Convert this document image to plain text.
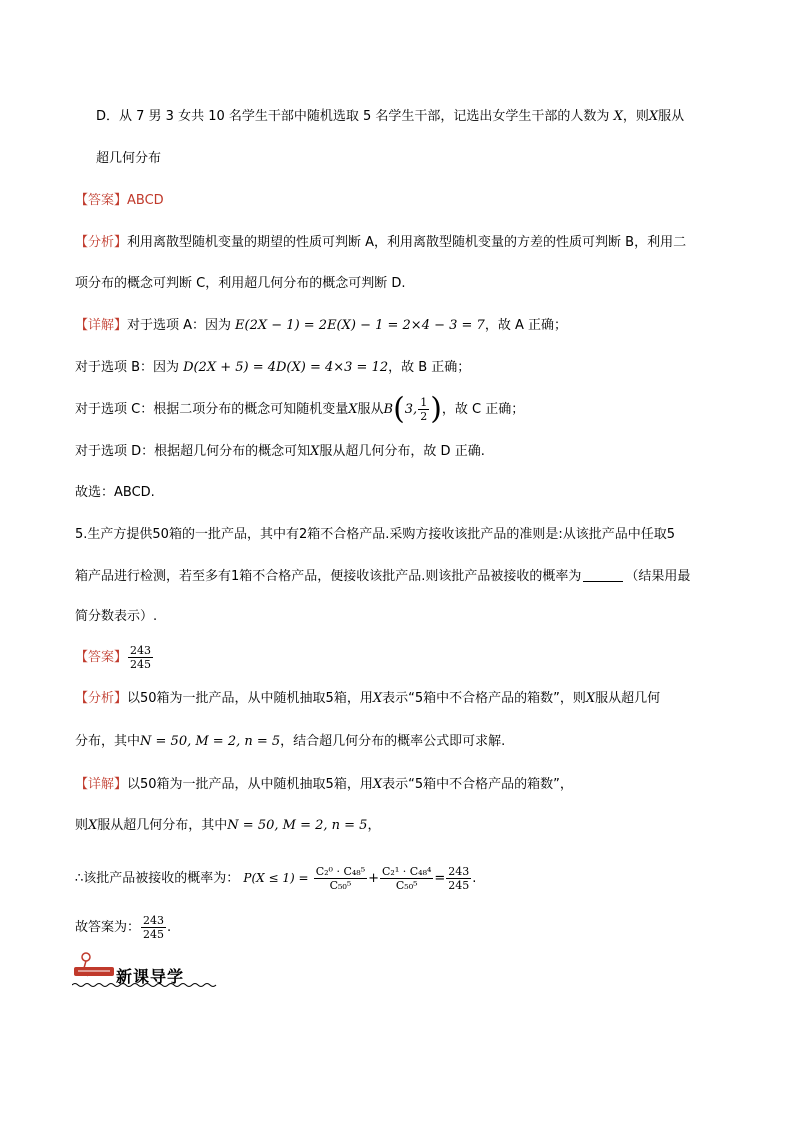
D．从 7 男 3 女共 10 名学生干部中随机选取 5 名学生干部，记选出女学生干部的人数为 X，则X服从
超几何分布
【答案】ABCD
【分析】利用离散型随机变量的期望的性质可判断 A，利用离散型随机变量的方差的性质可判断 B，利用二
项分布的概念可判断 C，利用超几何分布的概念可判断 D.
【详解】对于选项 A：因为 E(2X − 1) = 2E(X) − 1 = 2×4 − 3 = 7，故 A 正确；
对于选项 B：因为 D(2X + 5) = 4D(X) = 4×3 = 12，故 B 正确；
对于选项 C：根据二项分布的概念可知随机变量X服从B(3, $\frac{1}{2}$ )，故 C 正确；
对于选项 D：根据超几何分布的概念可知X服从超几何分布，故 D 正确.
故选：ABCD.
5.生产方提供50箱的一批产品，其中有2箱不合格产品.采购方接收该批产品的准则是:从该批产品中任取5
箱产品进行检测，若至多有1箱不合格产品，便接收该批产品.则该批产品被接收的概率为	（结果用最
简分数表示）.
【答案】 $\frac{243}{245}$
【分析】以50箱为一批产品，从中随机抽取5箱，用X表示“5箱中不合格产品的箱数”，则X服从超几何
分布，其中N = 50, M = 2, n = 5，结合超几何分布的概率公式即可求解.
【详解】以50箱为一批产品，从中随机抽取5箱，用X表示“5箱中不合格产品的箱数”，
则X服从超几何分布，其中N = 50, M = 2, n = 5，
∴该批产品被接收的概率为： $P(X \le 1) = \frac{\text{C₂⁰ · C₄₈⁵}}{\text{C₅₀⁵}} + \frac{\text{C₂¹ · C₄₈⁴}}{\text{C₅₀⁵}} = \frac{243}{245}$ .
故答案为： $\frac{243}{245}$ .
新课导学
